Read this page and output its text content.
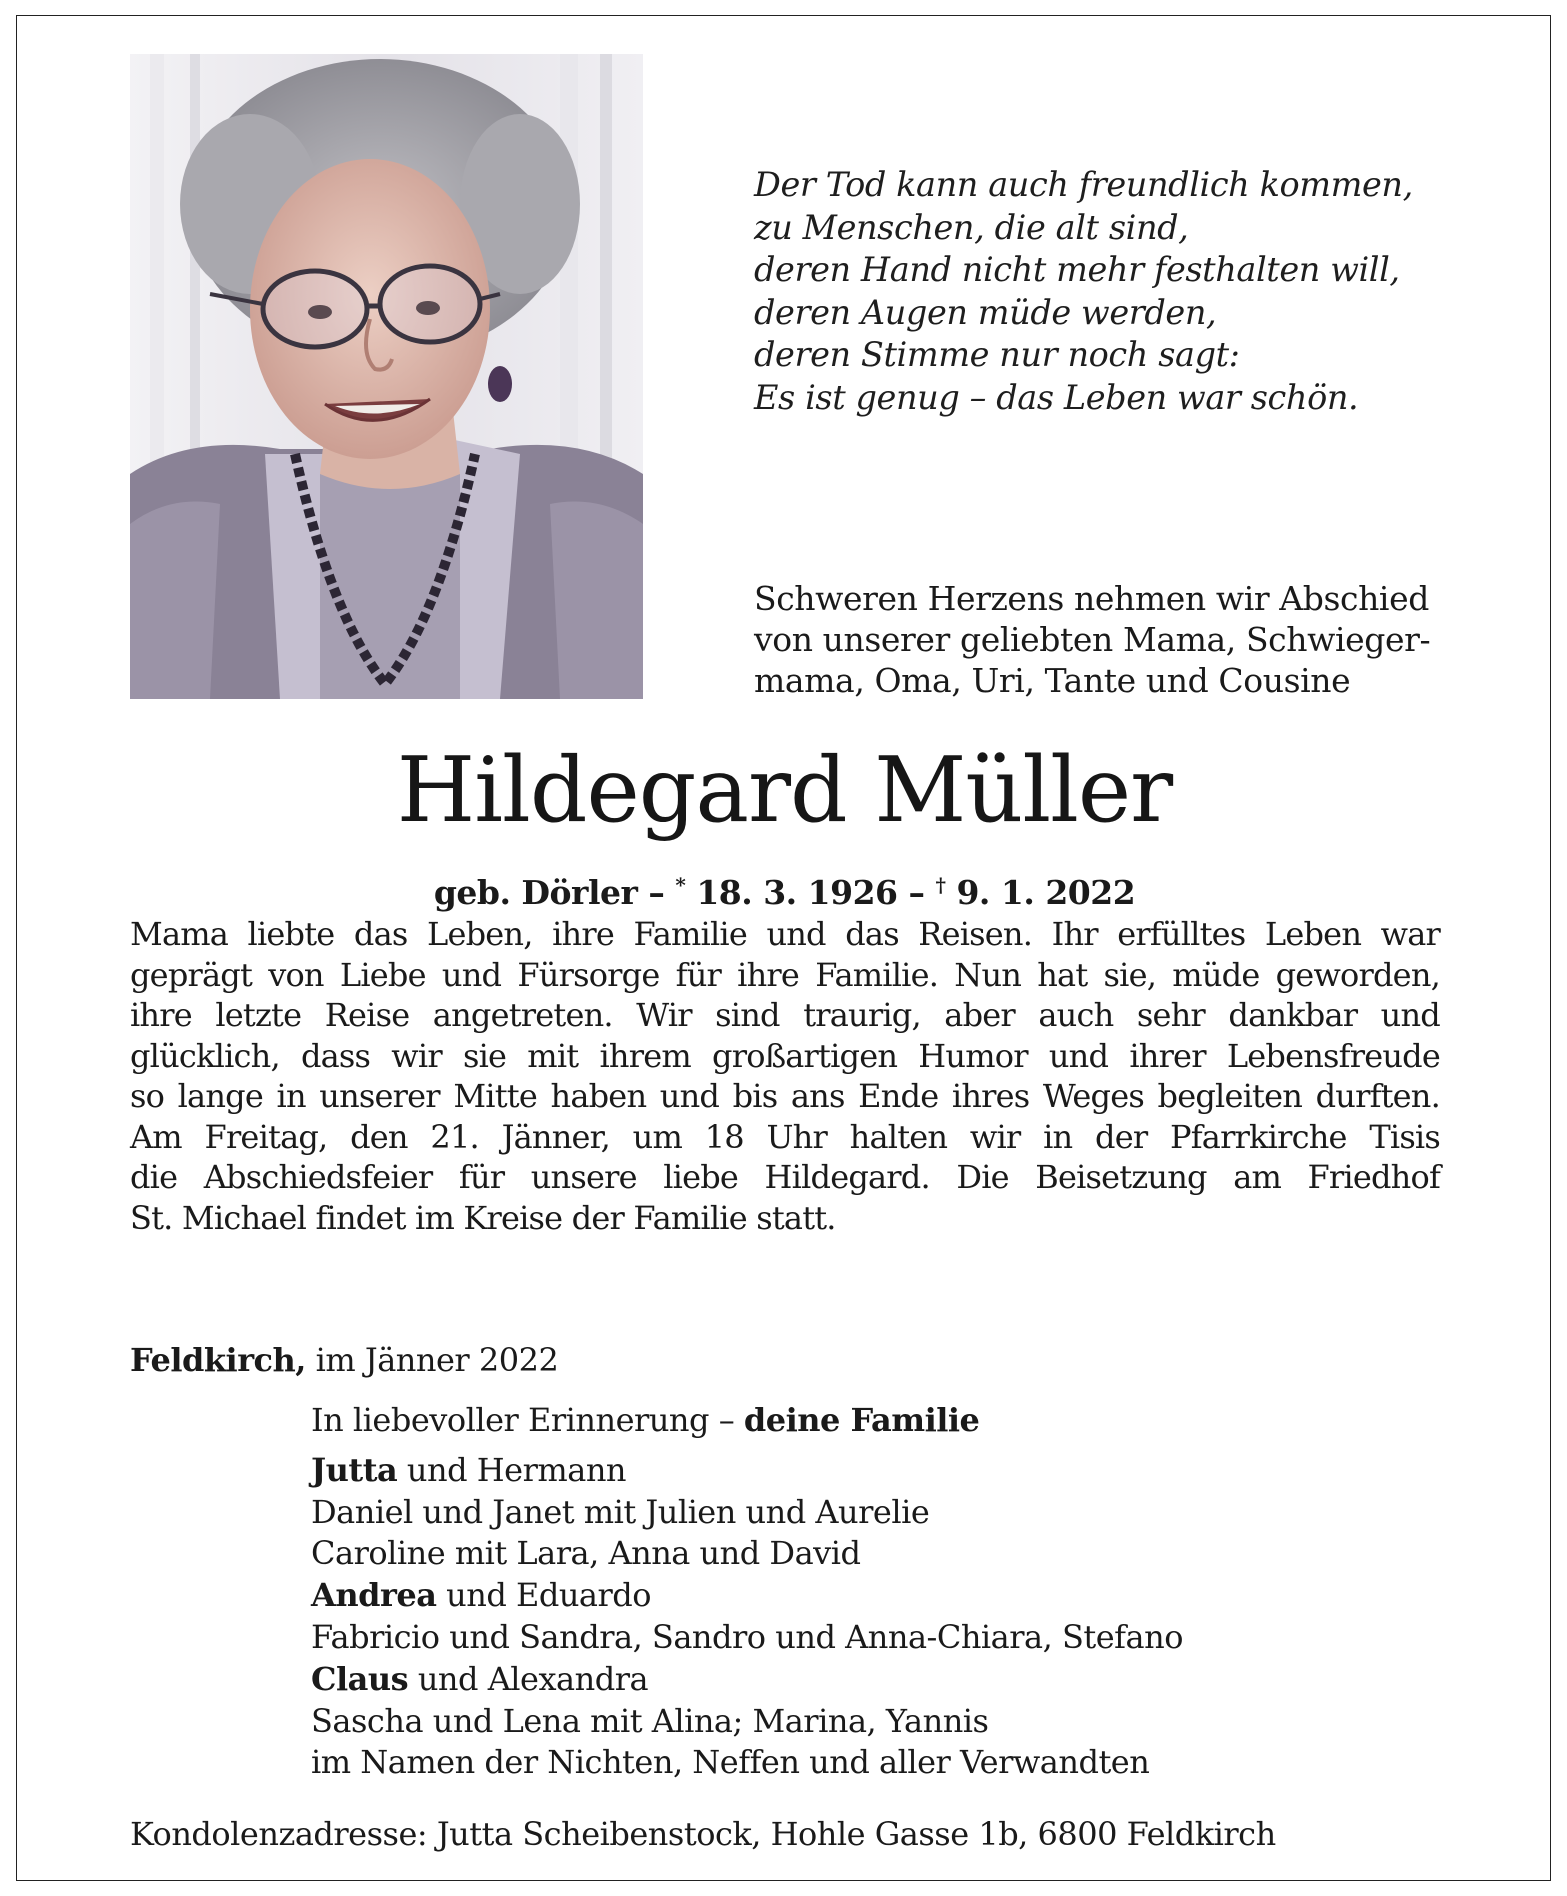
Der Tod kann auch freundlich kommen,
zu Menschen, die alt sind,
deren Hand nicht mehr festhalten will,
deren Augen müde werden,
deren Stimme nur noch sagt:
Es ist genug – das Leben war schön.
Schweren Herzens nehmen wir Abschied
von unserer geliebten Mama, Schwieger-
mama, Oma, Uri, Tante und Cousine
Hildegard Müller
geb. Dörler – * 18. 3. 1926 – † 9. 1. 2022
Mama liebte das Leben, ihre Familie und das Reisen. Ihr erfülltes Leben war
geprägt von Liebe und Fürsorge für ihre Familie. Nun hat sie, müde geworden,
ihre letzte Reise angetreten. Wir sind traurig, aber auch sehr dankbar und
glücklich, dass wir sie mit ihrem großartigen Humor und ihrer Lebensfreude
so lange in unserer Mitte haben und bis ans Ende ihres Weges begleiten durften.
Am Freitag, den 21. Jänner, um 18 Uhr halten wir in der Pfarrkirche Tisis
die Abschiedsfeier für unsere liebe Hildegard. Die Beisetzung am Friedhof
St. Michael findet im Kreise der Familie statt.
Feldkirch, im Jänner 2022
In liebevoller Erinnerung – deine Familie
Jutta und Hermann
Daniel und Janet mit Julien und Aurelie
Caroline mit Lara, Anna und David
Andrea und Eduardo
Fabricio und Sandra, Sandro und Anna-Chiara, Stefano
Claus und Alexandra
Sascha und Lena mit Alina; Marina, Yannis
im Namen der Nichten, Neffen und aller Verwandten
Kondolenzadresse: Jutta Scheibenstock, Hohle Gasse 1b, 6800 Feldkirch
